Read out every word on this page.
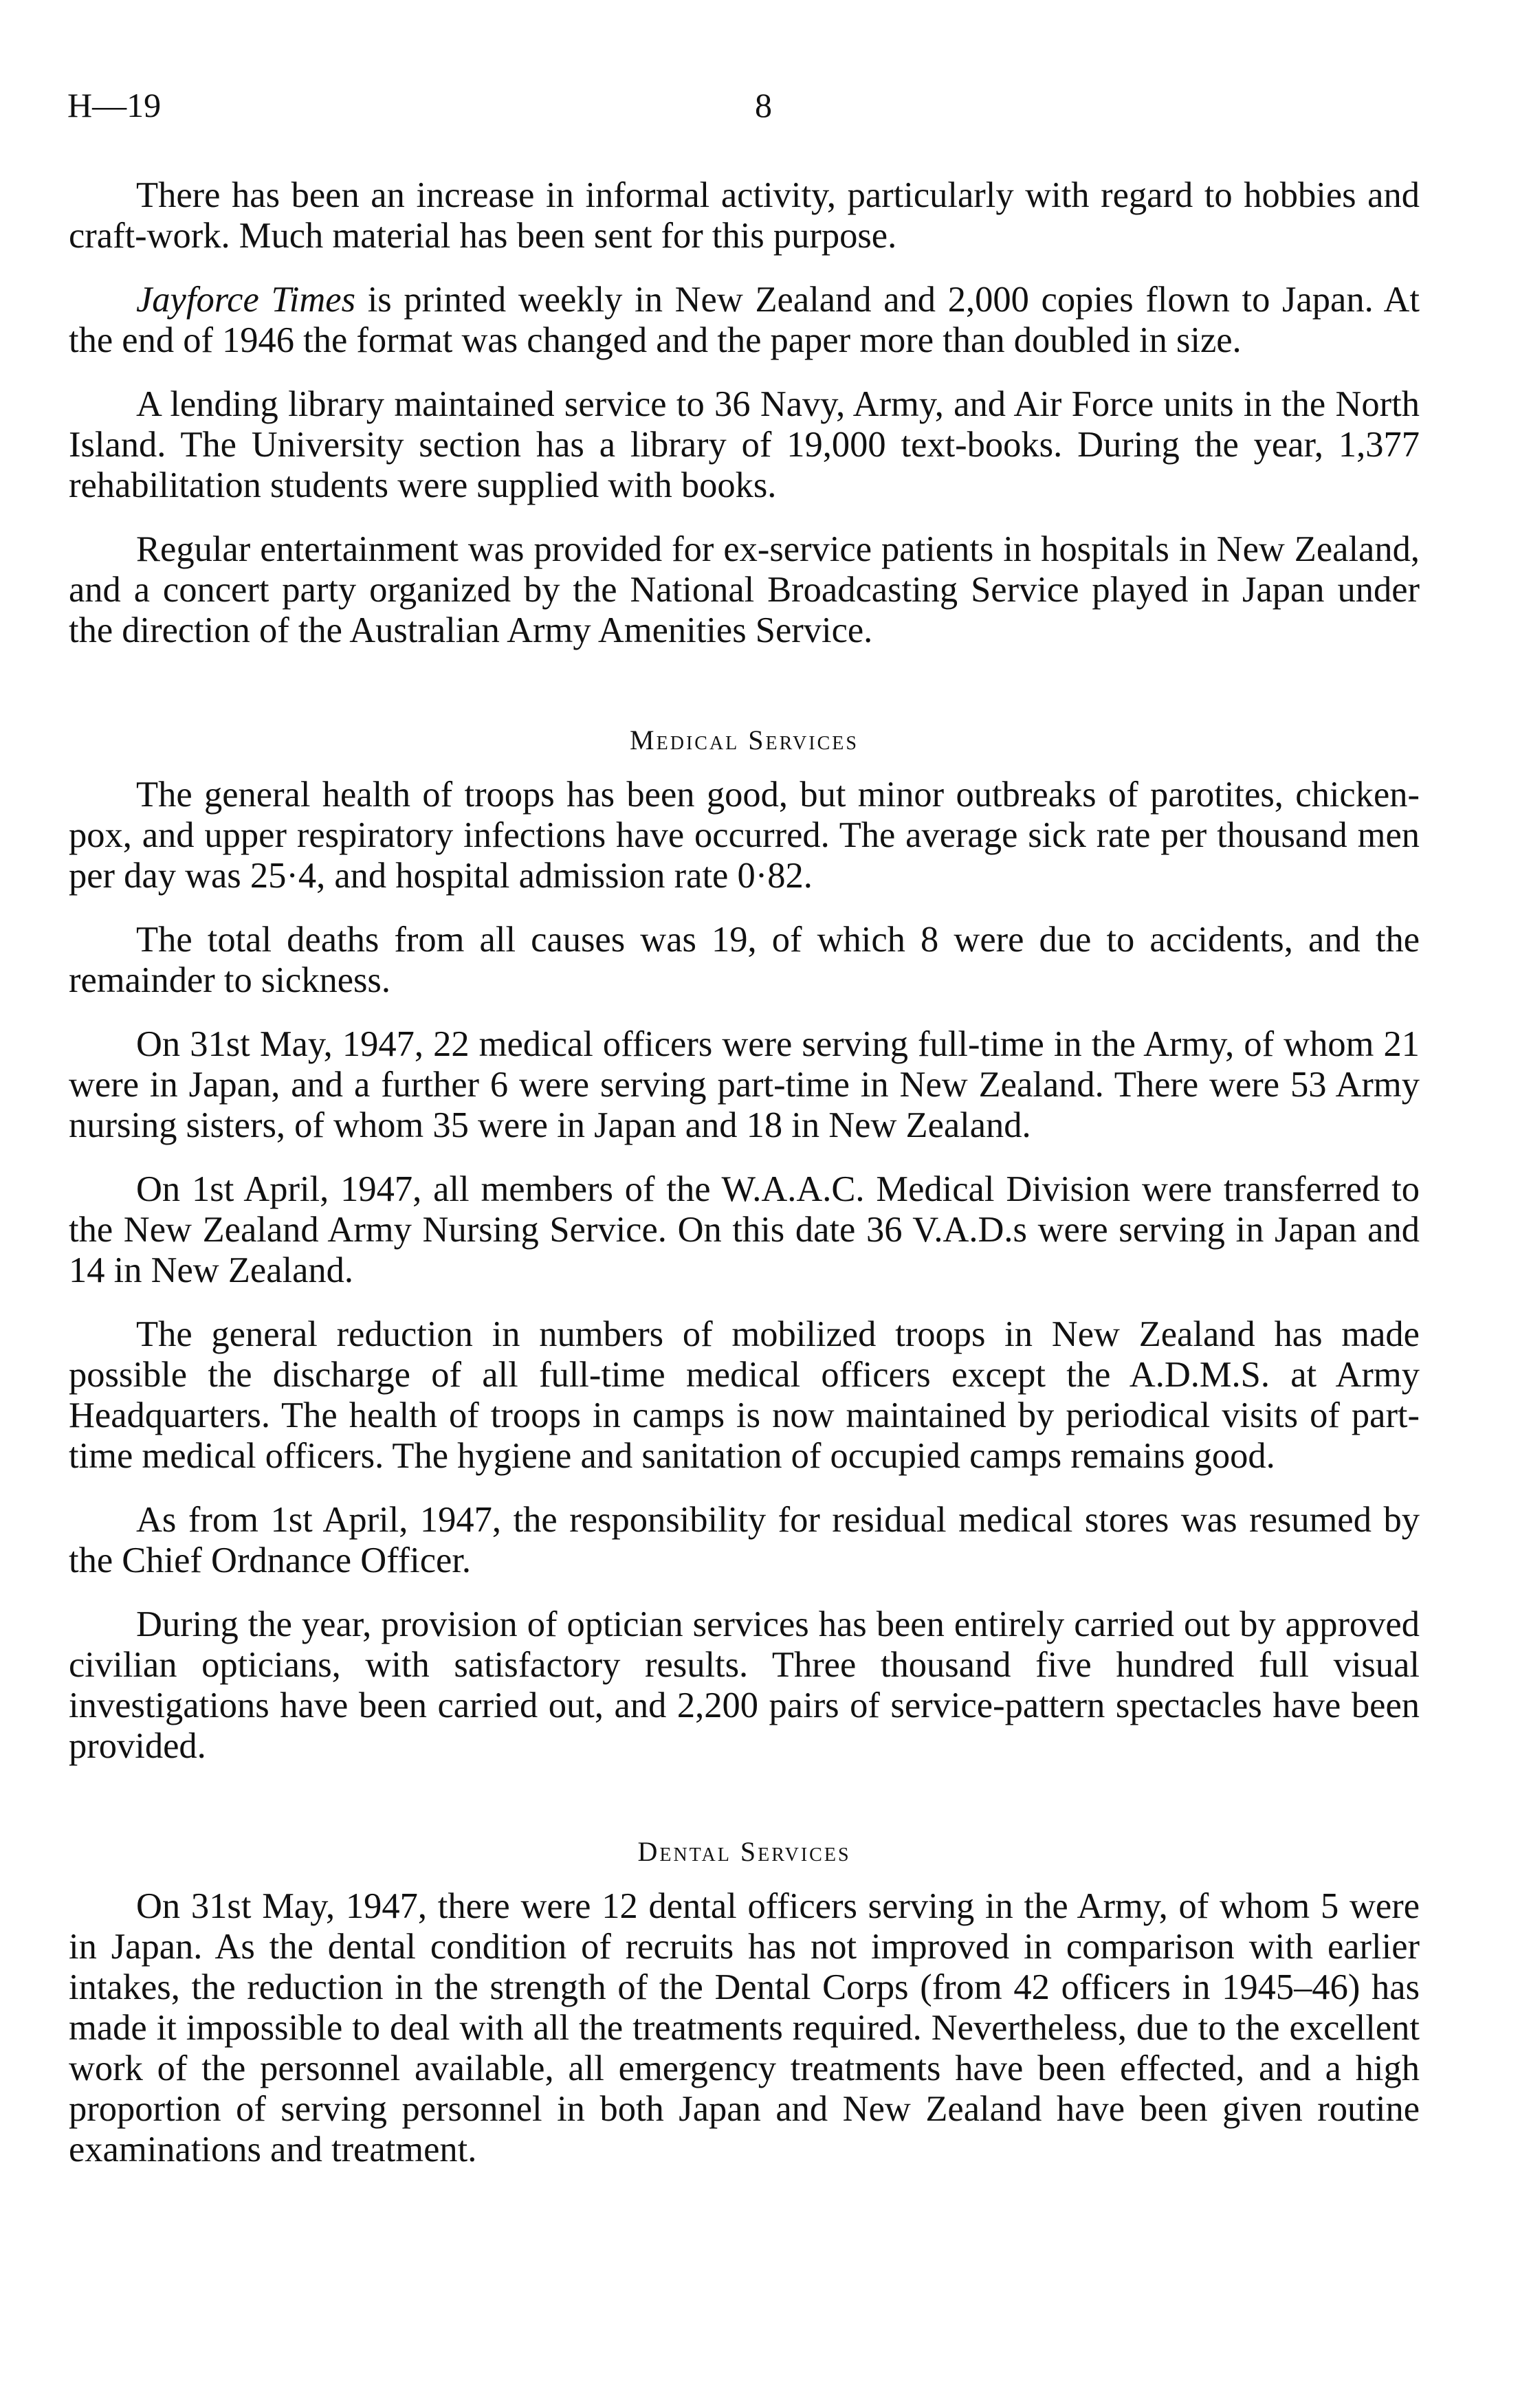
H—19	8

There has been an increase in informal activity, particularly with regard to hobbies and craft-work. Much material has been sent for this purpose.

Jayforce Times is printed weekly in New Zealand and 2,000 copies flown to Japan. At the end of 1946 the format was changed and the paper more than doubled in size.

A lending library maintained service to 36 Navy, Army, and Air Force units in the North Island. The University section has a library of 19,000 text-books. During the year, 1,377 rehabilitation students were supplied with books.

Regular entertainment was provided for ex-service patients in hospitals in New Zealand, and a concert party organized by the National Broadcasting Service played in Japan under the direction of the Australian Army Amenities Service.

Medical Services

The general health of troops has been good, but minor outbreaks of parotites, chicken-pox, and upper respiratory infections have occurred. The average sick rate per thousand men per day was 25·4, and hospital admission rate 0·82.

The total deaths from all causes was 19, of which 8 were due to accidents, and the remainder to sickness.

On 31st May, 1947, 22 medical officers were serving full-time in the Army, of whom 21 were in Japan, and a further 6 were serving part-time in New Zealand. There were 53 Army nursing sisters, of whom 35 were in Japan and 18 in New Zealand.

On 1st April, 1947, all members of the W.A.A.C. Medical Division were transferred to the New Zealand Army Nursing Service. On this date 36 V.A.D.s were serving in Japan and 14 in New Zealand.

The general reduction in numbers of mobilized troops in New Zealand has made possible the discharge of all full-time medical officers except the A.D.M.S. at Army Headquarters. The health of troops in camps is now maintained by periodical visits of part-time medical officers. The hygiene and sanitation of occupied camps remains good.

As from 1st April, 1947, the responsibility for residual medical stores was resumed by the Chief Ordnance Officer.

During the year, provision of optician services has been entirely carried out by approved civilian opticians, with satisfactory results. Three thousand five hundred full visual investigations have been carried out, and 2,200 pairs of service-pattern spectacles have been provided.

Dental Services

On 31st May, 1947, there were 12 dental officers serving in the Army, of whom 5 were in Japan. As the dental condition of recruits has not improved in comparison with earlier intakes, the reduction in the strength of the Dental Corps (from 42 officers in 1945–46) has made it impossible to deal with all the treatments required. Nevertheless, due to the excellent work of the personnel available, all emergency treatments have been effected, and a high proportion of serving personnel in both Japan and New Zealand have been given routine examinations and treatment.
